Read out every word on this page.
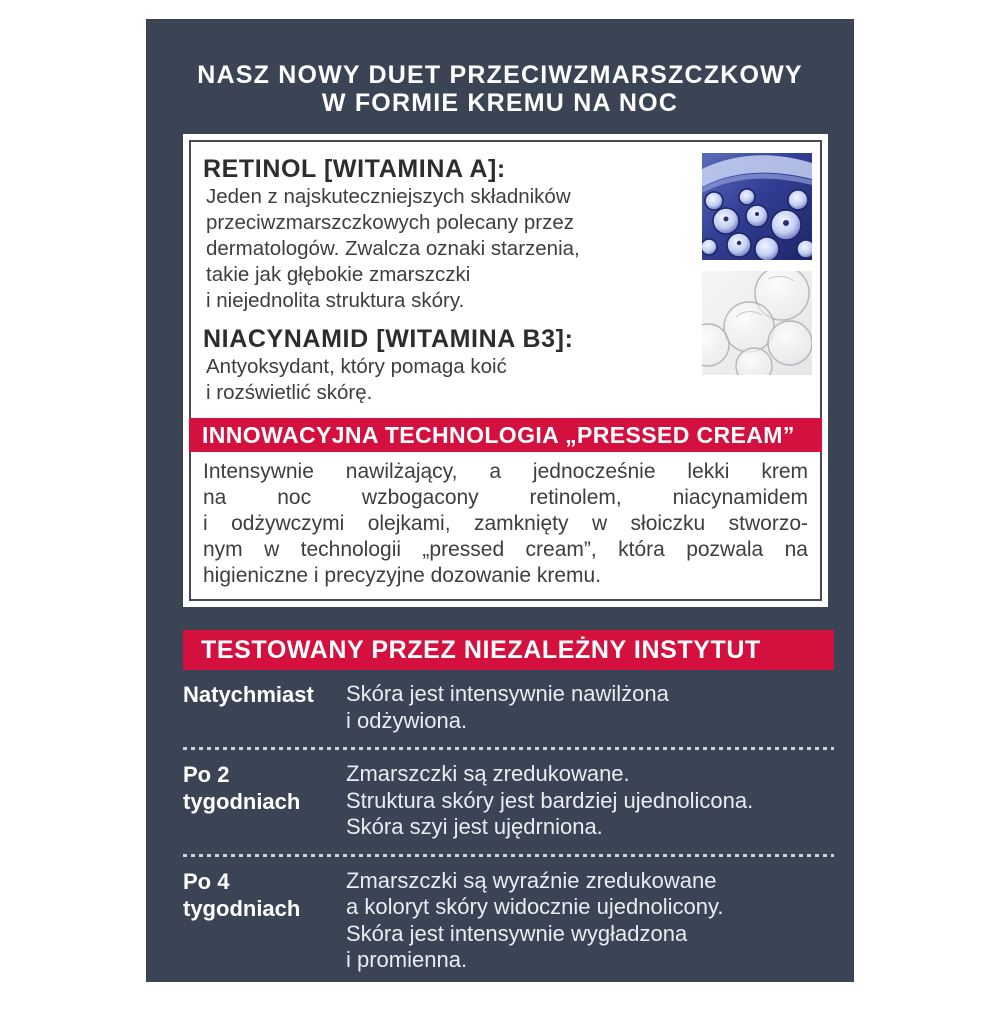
NASZ NOWY DUET PRZECIWZMARSZCZKOWY
W FORMIE KREMU NA NOC
RETINOL [WITAMINA A]:
Jeden z najskuteczniejszych składników
przeciwzmarszczkowych polecany przez
dermatologów. Zwalcza oznaki starzenia,
takie jak głębokie zmarszczki
i niejednolita struktura skóry.
NIACYNAMID [WITAMINA B3]:
Antyoksydant, który pomaga koić
i rozświetlić skórę.
INNOWACYJNA TECHNOLOGIA „PRESSED CREAM”
Intensywnie nawilżający, a jednocześnie lekki krem
na noc wzbogacony retinolem, niacynamidem
i odżywczymi olejkami, zamknięty w słoiczku stworzo-
nym w technologii „pressed cream”, która pozwala na
higieniczne i precyzyjne dozowanie kremu.
TESTOWANY PRZEZ NIEZALEŻNY INSTYTUT
Natychmiast	Skóra jest intensywnie nawilżona
i odżywiona.
Po 2 tygodniach
Zmarszczki są zredukowane.
Struktura skóry jest bardziej ujednolicona.
Skóra szyi jest ujędrniona.
Po 4 tygodniach
Zmarszczki są wyraźnie zredukowane
a koloryt skóry widocznie ujednolicony.
Skóra jest intensywnie wygładzona
i promienna.
